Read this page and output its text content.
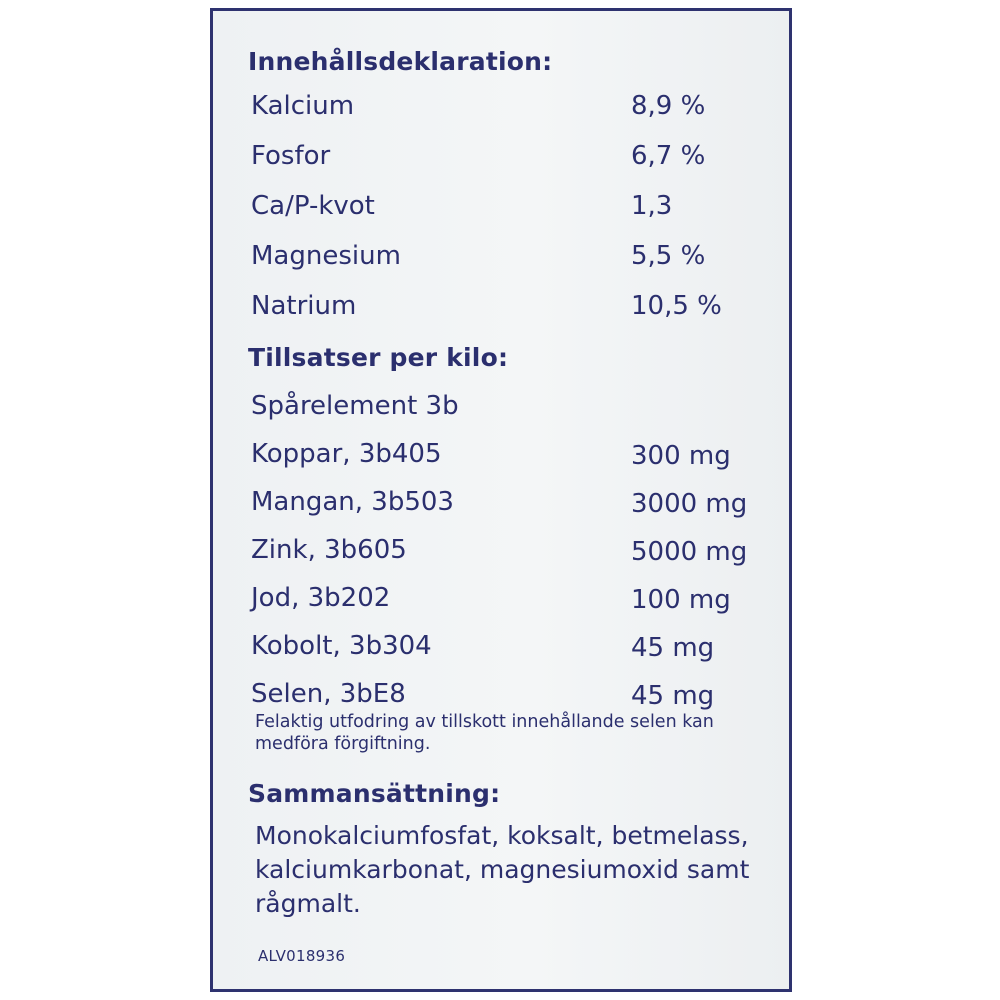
Innehållsdeklaration:
Kalcium	8,9 %
Fosfor	6,7 %
Ca/P-kvot	1,3
Magnesium	5,5 %
Natrium	10,5 %
Tillsatser per kilo:
Spårelement 3b
Koppar, 3b405	300 mg
Mangan, 3b503	3000 mg
Zink, 3b605	5000 mg
Jod, 3b202	100 mg
Kobolt, 3b304	45 mg
Selen, 3bE8	45 mg
Felaktig utfodring av tillskott innehållande selen kan medföra förgiftning.
Sammansättning:
Monokalciumfosfat, koksalt, betmelass, kalciumkarbonat, magnesiumoxid samt rågmalt.
ALV018936
